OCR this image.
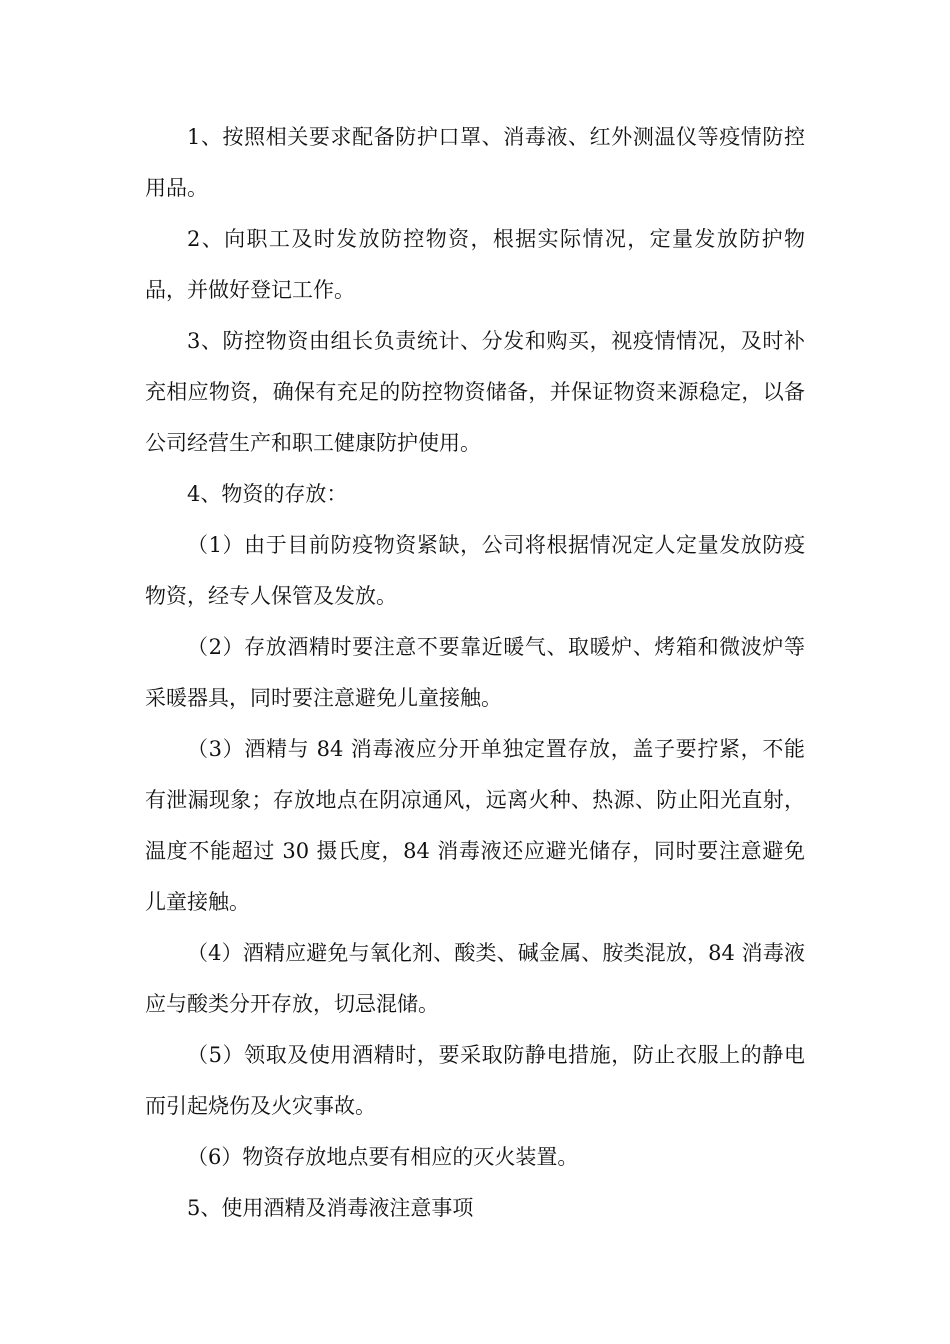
1、按照相关要求配备防护口罩、消毒液、红外测温仪等疫情防控用品。

2、向职工及时发放防控物资，根据实际情况，定量发放防护物品，并做好登记工作。

3、防控物资由组长负责统计、分发和购买，视疫情情况，及时补充相应物资，确保有充足的防控物资储备，并保证物资来源稳定，以备公司经营生产和职工健康防护使用。

4、物资的存放：

（1）由于目前防疫物资紧缺，公司将根据情况定人定量发放防疫物资，经专人保管及发放。

（2）存放酒精时要注意不要靠近暖气、取暖炉、烤箱和微波炉等采暖器具，同时要注意避免儿童接触。

（3）酒精与 84 消毒液应分开单独定置存放，盖子要拧紧，不能有泄漏现象；存放地点在阴凉通风，远离火种、热源、防止阳光直射，温度不能超过 30 摄氏度，84 消毒液还应避光储存，同时要注意避免儿童接触。

（4）酒精应避免与氧化剂、酸类、碱金属、胺类混放，84 消毒液应与酸类分开存放，切忌混储。

（5）领取及使用酒精时，要采取防静电措施，防止衣服上的静电而引起烧伤及火灾事故。

（6）物资存放地点要有相应的灭火装置。

5、使用酒精及消毒液注意事项
